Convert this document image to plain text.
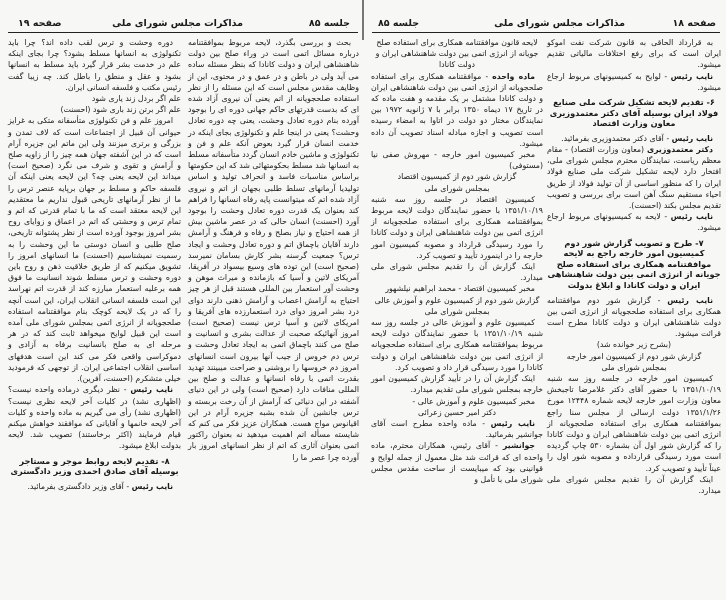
صفحه ۱۸
مذاکرات مجلس شورای ملی
جلسه ۸۵
جلسه ۸۵
مذاکرات مجلس شورای ملی
صفحه ۱۹

به قرارداد الحاقی به قانون شرکت نفت اموکو ایران است که برای رفع اختلافات مالیاتی تقدیم میشود.

نایب رئیس - لوایح به کمیسیونهای مربوط ارجاع میشود.

۶- تقدیم لایحه تشکیل شرکت ملی صنایع فولاد ایران بوسیله آقای دکتر معتمدوزیری معاون وزارت اقتصاد

نایب رئیس - آقای دکتر معتمدوزیری بفرمائید.

دکتر معتمدوزیری (معاون وزارت اقتصاد) - مقام معظم ریاست، نمایندگان محترم مجلس شورای ملی، افتخار دارد لایحه تشکیل شرکت ملی صنایع فولاد ایران را که منظور اساسی از آن تولید فولاد از طریق احیاء مستقیم سنگ آهن است برای بررسی و تصویب تقدیم مجلس بکند (احسنت).

نایب رئیس - لایحه به کمیسیونهای مربوط ارجاع میشود.

۷- طرح و تصویب گزارش شور دوم کمیسیون امور خارجه راجع به لایحه موافقتنامه همکاری برای استفاده صلح جویانه از انرژی اتمی بین دولت شاهنشاهی ایران و دولت کانادا و ابلاغ بدولت

نایب رئیس - گزارش شور دوم موافقتنامه همکاری برای استفاده صلحجویانه از انرژی اتمی بین دولت شاهنشاهی ایران و دولت کانادا مطرح است قرائت میشود.

(بشرح زیر خوانده شد)

گزارش شور دوم از کمیسیون امور خارجه

بمجلس شورای ملی

کمیسیون امور خارجه در جلسه روز سه شنبه ۱۳۵۱/۱۰/۱۹ با حضور آقای دکتر غلامرضا تاجبخش معاون وزارت امور خارجه لایحه شماره ۱۲۴۴۸ مورخ ۱۳۵۱/۱/۲۶ دولت ارسالی از مجلس سنا راجع بموافقتنامه همکاری برای استفاده صلحجویانه از انرژی اتمی بین دولت شاهنشاهی ایران و دولت کانادا را که گزارش شور اول آن بشماره ۵۳۰ چاپ گردیده است مورد رسیدگی قرارداده و مصوبه شور اول را عیناً تأیید و تصویب کرد.

اینک گزارش آن را تقدیم مجلس شورای ملی میدارد.

لایحه قانون موافقتنامه همکاری برای استفاده صلح جویانه از انرژی اتمی بین دولت شاهنشاهی ایران و دولت کانادا

ماده واحده - موافقتنامه همکاری برای استفاده صلحجویانه از انرژی اتمی بین دولت شاهنشاهی ایران و دولت کانادا مشتمل بر یک مقدمه و هفت ماده که در تاریخ ۱۷ دیماه ۱۳۵۰ برابر با ۷ ژانویه ۱۹۷۲ بین نمایندگان مختار دو دولت در اتاوا به امضاء رسیده است تصویب و اجازه مبادله اسناد تصویب آن داده میشود.

مخبر کمیسیون امور خارجه - مهروش صفی نیا (مستوفی)

گزارش شور دوم از کمیسیون اقتصاد

بمجلس شورای ملی

کمیسیون اقتصاد در جلسه روز سه شنبه ۱۳۵۱/۱۰/۱۹ با حضور نمایندگان دولت لایحه مربوط بموافقتنامه همکاری برای استفاده صلحجویانه از انرژی اتمی بین دولت شاهنشاهی ایران و دولت کانادا را مورد رسیدگی قرارداد و مصوبه کمیسیون امور خارجه را در اینمورد تأیید و تصویب کرد.

اینک گزارش آن را تقدیم مجلس شورای ملی میدارد.

مخبر کمیسیون اقتصاد - محمد ابراهیم نیلشهور

گزارش شور دوم از کمیسیون علوم و آموزش عالی

بمجلس شورای ملی

کمیسیون علوم و آموزش عالی در جلسه روز سه شنبه ۱۳۵۱/۱۰/۱۹ با حضور نمایندگان دولت لایحه مربوط بموافقتنامه همکاری برای استفاده صلحجویانه از انرژی اتمی بین دولت شاهنشاهی ایران و دولت کانادا را مورد رسیدگی قرار داد و تصویب کرد.

اینک گزارش آن را در تأیید گزارش کمیسیون امور خارجه بمجلس شورای ملی تقدیم میدارد.

مخبر کمیسیون علوم و آموزش عالی -

دکتر امیر حسین زعرائی

نایب رئیس - ماده واحده مطرح است آقای جوانشیر بفرمائید.

جوانشیر - آقای رئیس، همکاران محترم، ماده واحده ای که قرائت شد مثل معمول از جمله لوایح و قوانینی بود که میبایست از ساحت مقدس مجلس شورای ملی با تأمل و

بحث و بررسی بگذرد، لایحه مربوط بموافقتنامه درباره مسائل اتمی است در وراء صلح بین دولت شاهنشاهی ایران و دولت کانادا که بنظر مسئله ساده می آید ولی در باطن و در عمق و در محتوی، این از وظایف مقدس مجلس است که این مسئله را از نظر استفاده صلحجویانه از اتم یعنی آن نیروی آزاد شده ای که بدست قدرتهای حاکم جهانی دوره ای را بوجود آورده بنام دوره تعادل وحشت، یعنی چه دوره تعادل وحشت؟ یعنی در اینجا علم و تکنولوژی بجای اینکه در خدمت انسان قرار گیرد بعوض آنکه علم و فن و تکنولوژی و ماشین خادم انسان گردد متأسفانه مسلط به انسانها شد مسلط بحکومتهائی شد که این حکومتها براساس مناسبات فاسد و انحراف تولید و اساس تولیدیا آرمانهای تسلط طلبی بجهان از اتم و نیروی آزاد شده اتم که میتوانست پایه رفاه انسانها را فراهم کند بعنوان یک قدرت دوره تعادل وحشت را بوجود آورد (احسنت) انسان حالی که در عصر ماشین بیش از همه احتیاج و نیاز بصلح و رفاه و فرهنگ و آرامش دارند آقایان باچماق اتم و دوره تعادل وحشت و ایجاد ترس؟ جمعیت گرسنه بشر کارش بسامان نمیرسد (صحیح است) این توده های وسیع بیسواد در آفریقا، آمریکای لاتین و آسیا که بازمانده و میراث موهن و وحشت آور استعمار بین المللی هستند قبل از هر چیز احتیاج به آرامش اعصاب و آرامش ذهنی دارند دوای درد بشر امروز دوای درد استعمارزده های آفریقا و امریکای لاتین و آسیا ترس نیست (صحیح است) امروز آنهائیکه صحبت از عدالت بشری و انسانیت و صلح می کنند باچماق اتمی به ایجاد تعادل وحشت و ترس دم خروس از جیب آنها بیرون است انسانهای امروز دم خروسها را بروشنی و صراحت میبینند تهدید بقدرت اتمی با رفاه انسانها و عدالت و صلح بین المللی منافات دارد (صحیح است) ولی در این دنیای آشفته در این دنیائی که آرامش از آن رخت بربسته و ترس جانشین آن شده بشبه جزیره آرام در این اقیانوس مواج هست. همکاران عزیز فکر می کنم که شایسته مسأله اتم اهمیت میدهید نه بعنوان راکتور اتمی بعنوان آثاری که اتم از نظر انسانهای امروز بار آورده چرا عصر ما را

دوره وحشت و ترس لقب داده اند؟ چرا باید تکنولوژی به انسانها مسلط بشود؟ چرا بجای اینکه علم در خدمت بشر قرار گیرد باید مسلط به انسانها بشود و عقل و منطق را باطل کند. چه زیبا گفت رئیس مکتب و فلسفه انسانی ایران.

علم اگر بردل زند یاری شود

علم اگر برتن زند باری شود (احسنت)

امروز علم و فن تکنولوژی متأسفانه متکی به غرایز حیوانی آن قبیل از اجتماعات است که لاف تمدن و بزرگی و برتری میزنند ولی این ماتم این جزیره آرام است که در این آشفته جهان همه چیز را از زاویه صلح و آرامش و تقوی و شرف می نگرد (صحیح است) میداند این لایحه یعنی چه؟ این لایحه یعنی اینکه آن فلسفه حاکم و مسلط بر جهان برپایه عنصر ترس را ما از نظر آرمانهای تاریخی قبول نداریم ما معتقدیم این لایحه معتقد است که ما با تمام قدرتی که اتم و تمام ترس و وحشتی که اتم در اعماق و زوایای روح بشر امروز بوجود آورده است از نظر پشتوانه تاریخی، صلح طلبی و انسان دوستی ما این وحشت را به رسمیت نمیشناسیم (احسنت) ما انسانهای امروز را تشویق میکنیم که از طریق خلاقیت ذهن و روح باین دوره وحشت و ترس مسلط شوند انسانیت ما فوق همه برعلیه استعمار مبارزه کند از قدرت اتم نهراسد این است فلسفه انسانی انقلاب ایران، این است آنچه را که در یک لایحه کوچک بنام موافقتنامه استفاده صلحجویانه از انرژی اتمی بمجلس شورای ملی آمده است این قبیل لوایح میخواهد ثابت کند که در هر مرحله ای به صلح بانسانیت برفاه به آزادی و دموکراسی واقعی فکر می کند این است هدفهای اساسی انقلاب اجتماعی ایران. از توجهی که فرمودید خیلی متشکرم (احسنت، آفرین).

نایب رئیس - نظر دیگری درماده واحده نیست؟ (اظهاری نشد) در کلیات آخر لایحه نظری نیست؟ (اظهاری نشد) رأی می گیریم به ماده واحده و کلیات آخر لایحه خانمها و آقایانی که موافقند خواهش میکنم قیام فرمایند (اکثر برخاستند) تصویب شد. لایحه بدولت ابلاغ میشود.

۸- تقدیم لایحه روابط موجر و مستاجر بوسیله آقای صادق احمدی وزیر دادگستری

نایب رئیس - آقای وزیر دادگستری بفرمائید.
